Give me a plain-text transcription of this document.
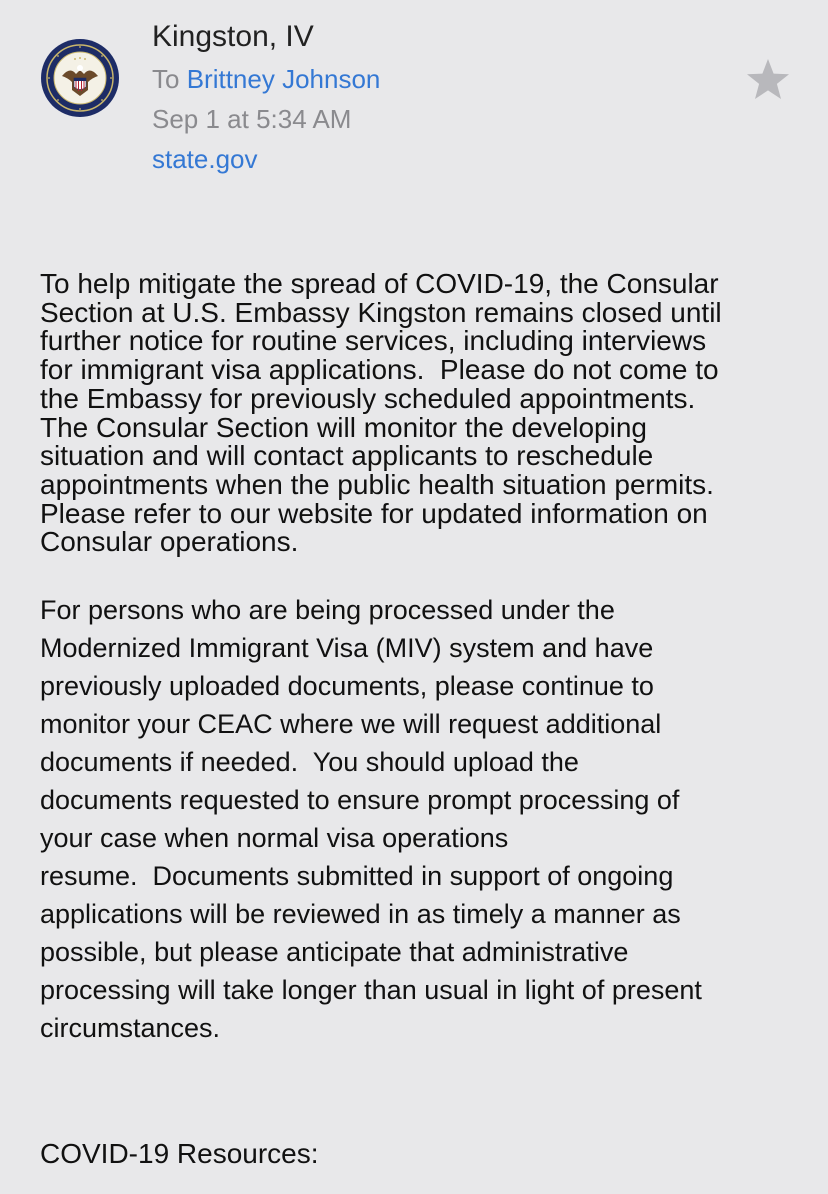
Kingston, IV
To Brittney Johnson
Sep 1 at 5:34 AM
state.gov

To help mitigate the spread of COVID-19, the Consular
Section at U.S. Embassy Kingston remains closed until
further notice for routine services, including interviews
for immigrant visa applications.  Please do not come to
the Embassy for previously scheduled appointments.
The Consular Section will monitor the developing
situation and will contact applicants to reschedule
appointments when the public health situation permits.
Please refer to our website for updated information on
Consular operations.

For persons who are being processed under the
Modernized Immigrant Visa (MIV) system and have
previously uploaded documents, please continue to
monitor your CEAC where we will request additional
documents if needed.  You should upload the
documents requested to ensure prompt processing of
your case when normal visa operations
resume.  Documents submitted in support of ongoing
applications will be reviewed in as timely a manner as
possible, but please anticipate that administrative
processing will take longer than usual in light of present
circumstances.

COVID-19 Resources:
